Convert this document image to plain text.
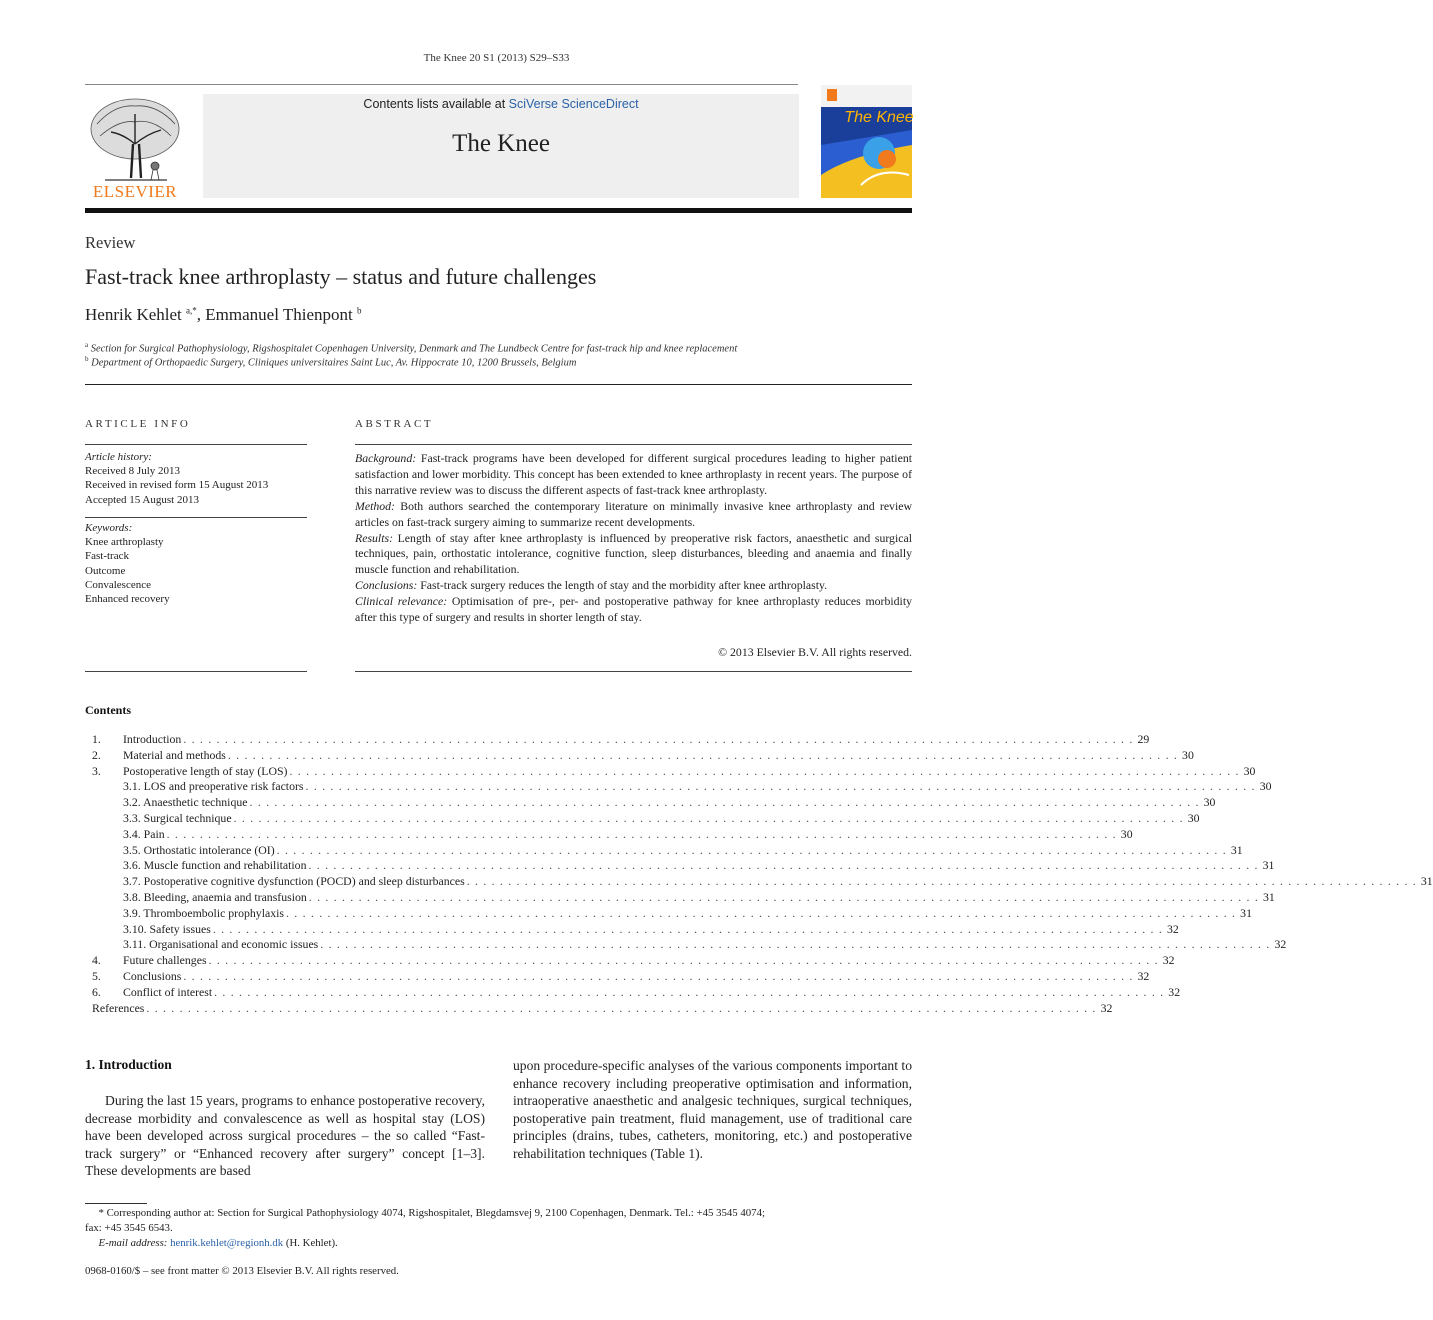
The Knee 20 S1 (2013) S29–S33
ELSEVIER
Contents lists available at SciVerse ScienceDirect
The Knee
The Knee
Review
Fast-track knee arthroplasty – status and future challenges
Henrik Kehlet $^{a,*}$, Emmanuel Thienpont $^b$
$^a$ Section for Surgical Pathophysiology, Rigshospitalet Copenhagen University, Denmark and The Lundbeck Centre for fast-track hip and knee replacement
$^b$ Department of Orthopaedic Surgery, Cliniques universitaires Saint Luc, Av. Hippocrate 10, 1200 Brussels, Belgium
ARTICLE INFO
Article history:
Received 8 July 2013
Received in revised form 15 August 2013
Accepted 15 August 2013
Keywords:
Knee arthroplasty
Fast-track
Outcome
Convalescence
Enhanced recovery
ABSTRACT

Background: Fast-track programs have been developed for different surgical procedures leading to higher patient satisfaction and lower morbidity. This concept has been extended to knee arthroplasty in recent years. The purpose of this narrative review was to discuss the different aspects of fast-track knee arthroplasty.

Method: Both authors searched the contemporary literature on minimally invasive knee arthroplasty and review articles on fast-track surgery aiming to summarize recent developments.

Results: Length of stay after knee arthroplasty is influenced by preoperative risk factors, anaesthetic and surgical techniques, pain, orthostatic intolerance, cognitive function, sleep disturbances, bleeding and anaemia and finally muscle function and rehabilitation.

Conclusions: Fast-track surgery reduces the length of stay and the morbidity after knee arthroplasty.

Clinical relevance: Optimisation of pre-, per- and postoperative pathway for knee arthroplasty reduces morbidity after this type of surgery and results in shorter length of stay.

© 2013 Elsevier B.V. All rights reserved.
Contents
1.	Introduction . . . . . . . . . . . . . . . . . . . . . . . . . . . . . . . . . . . . . . . . . . . . . . . . . . . . . . . . . . . . . . . . . . . . . . . . . . . . . . . . . . . . . . . . . . . . . . . . . . . . . . . . . . . . . . . . . . . 29
2.	Material and methods . . . . . . . . . . . . . . . . . . . . . . . . . . . . . . . . . . . . . . . . . . . . . . . . . . . . . . . . . . . . . . . . . . . . . . . . . . . . . . . . . . . . . . . . . . . . . . . . . . . . . . . . . . . . . . . . . . . 30
3.	Postoperative length of stay (LOS) . . . . . . . . . . . . . . . . . . . . . . . . . . . . . . . . . . . . . . . . . . . . . . . . . . . . . . . . . . . . . . . . . . . . . . . . . . . . . . . . . . . . . . . . . . . . . . . . . . . . . . . . . . . . . . . . . . . 30
3.1. LOS and preoperative risk factors . . . . . . . . . . . . . . . . . . . . . . . . . . . . . . . . . . . . . . . . . . . . . . . . . . . . . . . . . . . . . . . . . . . . . . . . . . . . . . . . . . . . . . . . . . . . . . . . . . . . . . . . . . . . . . . . . . . 30
3.2. Anaesthetic technique . . . . . . . . . . . . . . . . . . . . . . . . . . . . . . . . . . . . . . . . . . . . . . . . . . . . . . . . . . . . . . . . . . . . . . . . . . . . . . . . . . . . . . . . . . . . . . . . . . . . . . . . . . . . . . . . . . . 30
3.3. Surgical technique . . . . . . . . . . . . . . . . . . . . . . . . . . . . . . . . . . . . . . . . . . . . . . . . . . . . . . . . . . . . . . . . . . . . . . . . . . . . . . . . . . . . . . . . . . . . . . . . . . . . . . . . . . . . . . . . . . . 30
3.4. Pain . . . . . . . . . . . . . . . . . . . . . . . . . . . . . . . . . . . . . . . . . . . . . . . . . . . . . . . . . . . . . . . . . . . . . . . . . . . . . . . . . . . . . . . . . . . . . . . . . . . . . . . . . . . . . . . . . . . 30
3.5. Orthostatic intolerance (OI) . . . . . . . . . . . . . . . . . . . . . . . . . . . . . . . . . . . . . . . . . . . . . . . . . . . . . . . . . . . . . . . . . . . . . . . . . . . . . . . . . . . . . . . . . . . . . . . . . . . . . . . . . . . . . . . . . . . 31
3.6. Muscle function and rehabilitation . . . . . . . . . . . . . . . . . . . . . . . . . . . . . . . . . . . . . . . . . . . . . . . . . . . . . . . . . . . . . . . . . . . . . . . . . . . . . . . . . . . . . . . . . . . . . . . . . . . . . . . . . . . . . . . . . . . 31
3.7. Postoperative cognitive dysfunction (POCD) and sleep disturbances . . . . . . . . . . . . . . . . . . . . . . . . . . . . . . . . . . . . . . . . . . . . . . . . . . . . . . . . . . . . . . . . . . . . . . . . . . . . . . . . . . . . . . . . . . . . . . . . . . . . . . . . . . . . . . . . . . . 31
3.8. Bleeding, anaemia and transfusion . . . . . . . . . . . . . . . . . . . . . . . . . . . . . . . . . . . . . . . . . . . . . . . . . . . . . . . . . . . . . . . . . . . . . . . . . . . . . . . . . . . . . . . . . . . . . . . . . . . . . . . . . . . . . . . . . . . 31
3.9. Thromboembolic prophylaxis . . . . . . . . . . . . . . . . . . . . . . . . . . . . . . . . . . . . . . . . . . . . . . . . . . . . . . . . . . . . . . . . . . . . . . . . . . . . . . . . . . . . . . . . . . . . . . . . . . . . . . . . . . . . . . . . . . . 31
3.10. Safety issues . . . . . . . . . . . . . . . . . . . . . . . . . . . . . . . . . . . . . . . . . . . . . . . . . . . . . . . . . . . . . . . . . . . . . . . . . . . . . . . . . . . . . . . . . . . . . . . . . . . . . . . . . . . . . . . . . . . 32
3.11. Organisational and economic issues . . . . . . . . . . . . . . . . . . . . . . . . . . . . . . . . . . . . . . . . . . . . . . . . . . . . . . . . . . . . . . . . . . . . . . . . . . . . . . . . . . . . . . . . . . . . . . . . . . . . . . . . . . . . . . . . . . . 32
4.	Future challenges . . . . . . . . . . . . . . . . . . . . . . . . . . . . . . . . . . . . . . . . . . . . . . . . . . . . . . . . . . . . . . . . . . . . . . . . . . . . . . . . . . . . . . . . . . . . . . . . . . . . . . . . . . . . . . . . . . . 32
5.	Conclusions . . . . . . . . . . . . . . . . . . . . . . . . . . . . . . . . . . . . . . . . . . . . . . . . . . . . . . . . . . . . . . . . . . . . . . . . . . . . . . . . . . . . . . . . . . . . . . . . . . . . . . . . . . . . . . . . . . . 32
6.	Conflict of interest . . . . . . . . . . . . . . . . . . . . . . . . . . . . . . . . . . . . . . . . . . . . . . . . . . . . . . . . . . . . . . . . . . . . . . . . . . . . . . . . . . . . . . . . . . . . . . . . . . . . . . . . . . . . . . . . . . . 32
References . . . . . . . . . . . . . . . . . . . . . . . . . . . . . . . . . . . . . . . . . . . . . . . . . . . . . . . . . . . . . . . . . . . . . . . . . . . . . . . . . . . . . . . . . . . . . . . . . . . . . . . . . . . . . . . . . . . 32
1. Introduction
During the last 15 years, programs to enhance postoperative recovery, decrease morbidity and convalescence as well as hospital stay (LOS) have been developed across surgical procedures – the so called “Fast-track surgery” or “Enhanced recovery after surgery” concept [1–3]. These developments are based
upon procedure-specific analyses of the various components important to enhance recovery including preoperative optimisation and information, intraoperative anaesthetic and analgesic techniques, surgical techniques, postoperative pain treatment, fluid management, use of traditional care principles (drains, tubes, catheters, monitoring, etc.) and postoperative rehabilitation techniques (Table 1).
* Corresponding author at: Section for Surgical Pathophysiology 4074, Rigshospitalet, Blegdamsvej 9, 2100 Copenhagen, Denmark. Tel.: +45 3545 4074;
fax: +45 3545 6543.
E-mail address: henrik.kehlet@regionh.dk (H. Kehlet).
0968-0160/$ – see front matter © 2013 Elsevier B.V. All rights reserved.
